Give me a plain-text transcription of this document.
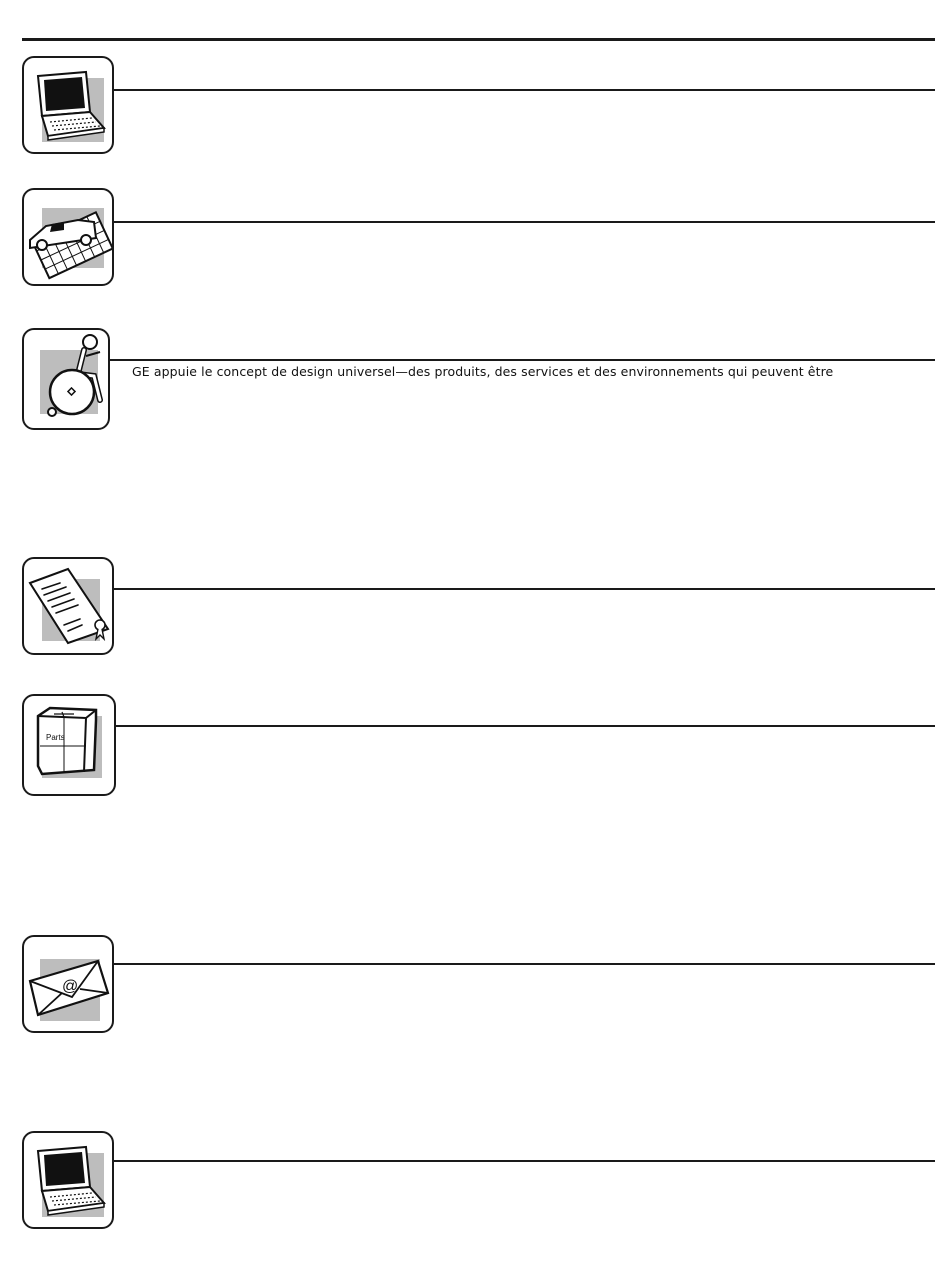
GE appuie le concept de design universel—des produits, des services et des environnements qui peuvent être
Parts
@
